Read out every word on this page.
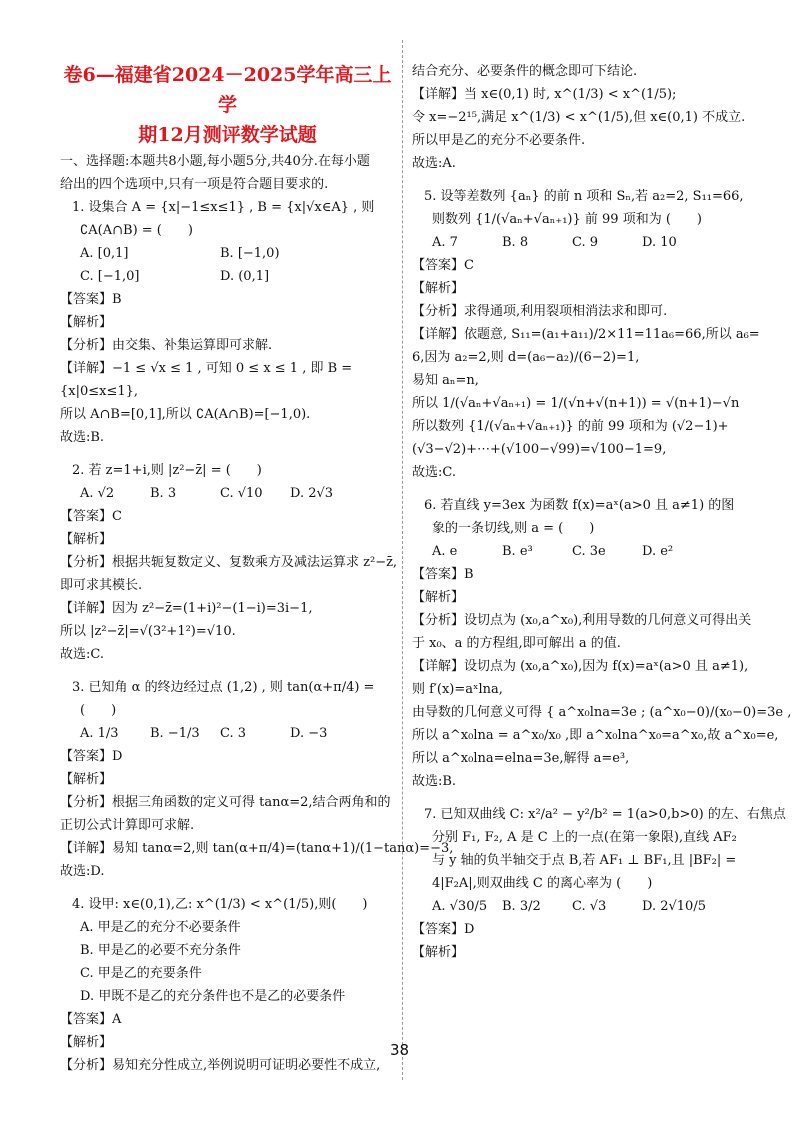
卷6—福建省2024－2025学年高三上学
期12月测评数学试题
一、选择题:本题共8小题,每小题5分,共40分.在每小题
给出的四个选项中,只有一项是符合题目要求的.
1. 设集合 A = {x|−1≤x≤1} , B = {x|√x∈A} , 则
∁A(A∩B) = (　　)
A. [0,1]	B. [−1,0)
C. [−1,0]	D. (0,1]
【答案】B
【解析】
【分析】由交集、补集运算即可求解.
【详解】−1 ≤ √x ≤ 1 , 可知 0 ≤ x ≤ 1 , 即 B =
{x|0≤x≤1},
所以 A∩B=[0,1],所以 ∁A(A∩B)=[−1,0).
故选:B.
2. 若 z=1+i,则 |z²−z̄| = (　　)
A. √2	B. 3	C. √10	D. 2√3
【答案】C
【解析】
【分析】根据共轭复数定义、复数乘方及减法运算求 z²−z̄,
即可求其模长.
【详解】因为 z²−z̄=(1+i)²−(1−i)=3i−1,
所以 |z²−z̄|=√(3²+1²)=√10.
故选:C.
3. 已知角 α 的终边经过点 (1,2) , 则 tan(α+π/4) =
(　　)
A. 1/3	B. −1/3	C. 3	D. −3
【答案】D
【解析】
【分析】根据三角函数的定义可得 tanα=2,结合两角和的
正切公式计算即可求解.
【详解】易知 tanα=2,则 tan(α+π/4)=(tanα+1)/(1−tanα)=−3,
故选:D.
4. 设甲: x∈(0,1),乙: x^(1/3) < x^(1/5),则(　　)
A. 甲是乙的充分不必要条件
B. 甲是乙的必要不充分条件
C. 甲是乙的充要条件
D. 甲既不是乙的充分条件也不是乙的必要条件
【答案】A
【解析】
【分析】易知充分性成立,举例说明可证明必要性不成立,
结合充分、必要条件的概念即可下结论.
【详解】当 x∈(0,1) 时, x^(1/3) < x^(1/5);
令 x=−2¹⁵,满足 x^(1/3) < x^(1/5),但 x∈(0,1) 不成立.
所以甲是乙的充分不必要条件.
故选:A.
5. 设等差数列 {aₙ} 的前 n 项和 Sₙ,若 a₂=2, S₁₁=66,
则数列 {1/(√aₙ+√aₙ₊₁)} 前 99 项和为 (　　)
A. 7	B. 8	C. 9	D. 10
【答案】C
【解析】
【分析】求得通项,利用裂项相消法求和即可.
【详解】依题意, S₁₁=(a₁+a₁₁)/2×11=11a₆=66,所以 a₆=
6,因为 a₂=2,则 d=(a₆−a₂)/(6−2)=1,
易知 aₙ=n,
所以 1/(√aₙ+√aₙ₊₁) = 1/(√n+√(n+1)) = √(n+1)−√n
所以数列 {1/(√aₙ+√aₙ₊₁)} 的前 99 项和为 (√2−1)+
(√3−√2)+⋯+(√100−√99)=√100−1=9,
故选:C.
6. 若直线 y=3ex 为函数 f(x)=aˣ(a>0 且 a≠1) 的图
象的一条切线,则 a = (　　)
A. e	B. e³	C. 3e	D. e²
【答案】B
【解析】
【分析】设切点为 (x₀,a^x₀),利用导数的几何意义可得出关
于 x₀、a 的方程组,即可解出 a 的值.
【详解】设切点为 (x₀,a^x₀),因为 f(x)=aˣ(a>0 且 a≠1),
则 f′(x)=aˣlna,
由导数的几何意义可得 { a^x₀lna=3e ; (a^x₀−0)/(x₀−0)=3e ,
所以 a^x₀lna = a^x₀/x₀ ,即 a^x₀lna^x₀=a^x₀,故 a^x₀=e,
所以 a^x₀lna=elna=3e,解得 a=e³,
故选:B.
7. 已知双曲线 C: x²/a² − y²/b² = 1(a>0,b>0) 的左、右焦点
分别 F₁, F₂, A 是 C 上的一点(在第一象限),直线 AF₂
与 y 轴的负半轴交于点 B,若 AF₁ ⊥ BF₁,且 |BF₂| =
4|F₂A|,则双曲线 C 的离心率为 (　　)
A. √30/5	B. 3/2	C. √3	D. 2√10/5
【答案】D
【解析】
38
